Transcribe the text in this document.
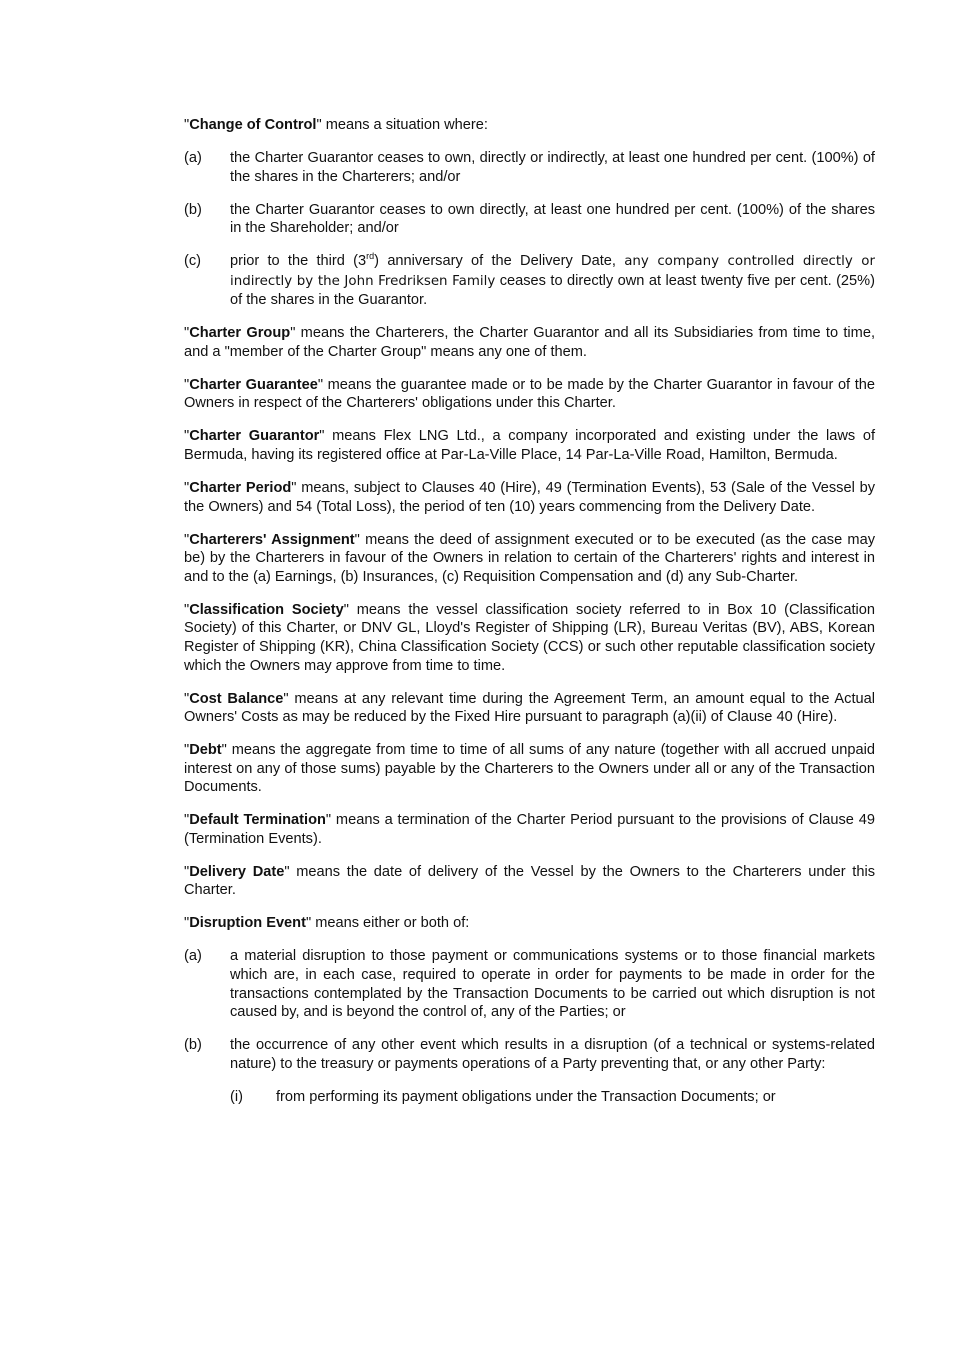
"Change of Control" means a situation where:

(a) the Charter Guarantor ceases to own, directly or indirectly, at least one hundred per cent. (100%) of the shares in the Charterers; and/or
(b) the Charter Guarantor ceases to own directly, at least one hundred per cent. (100%) of the shares in the Shareholder; and/or
(c) prior to the third (3rd) anniversary of the Delivery Date, any company controlled directly or indirectly by the John Fredriksen Family ceases to directly own at least twenty five per cent. (25%) of the shares in the Guarantor.

"Charter Group" means the Charterers, the Charter Guarantor and all its Subsidiaries from time to time, and a "member of the Charter Group" means any one of them.

"Charter Guarantee" means the guarantee made or to be made by the Charter Guarantor in favour of the Owners in respect of the Charterers' obligations under this Charter.

"Charter Guarantor" means Flex LNG Ltd., a company incorporated and existing under the laws of Bermuda, having its registered office at Par-La-Ville Place, 14 Par-La-Ville Road, Hamilton, Bermuda.

"Charter Period" means, subject to Clauses 40 (Hire), 49 (Termination Events), 53 (Sale of the Vessel by the Owners) and 54 (Total Loss), the period of ten (10) years commencing from the Delivery Date.

"Charterers' Assignment" means the deed of assignment executed or to be executed (as the case may be) by the Charterers in favour of the Owners in relation to certain of the Charterers' rights and interest in and to the (a) Earnings, (b) Insurances, (c) Requisition Compensation and (d) any Sub-Charter.

"Classification Society" means the vessel classification society referred to in Box 10 (Classification Society) of this Charter, or DNV GL, Lloyd's Register of Shipping (LR), Bureau Veritas (BV), ABS, Korean Register of Shipping (KR), China Classification Society (CCS) or such other reputable classification society which the Owners may approve from time to time.

"Cost Balance" means at any relevant time during the Agreement Term, an amount equal to the Actual Owners' Costs as may be reduced by the Fixed Hire pursuant to paragraph (a)(ii) of Clause 40 (Hire).

"Debt" means the aggregate from time to time of all sums of any nature (together with all accrued unpaid interest on any of those sums) payable by the Charterers to the Owners under all or any of the Transaction Documents.

"Default Termination" means a termination of the Charter Period pursuant to the provisions of Clause 49 (Termination Events).

"Delivery Date" means the date of delivery of the Vessel by the Owners to the Charterers under this Charter.

"Disruption Event" means either or both of:

(a) a material disruption to those payment or communications systems or to those financial markets which are, in each case, required to operate in order for payments to be made in order for the transactions contemplated by the Transaction Documents to be carried out which disruption is not caused by, and is beyond the control of, any of the Parties; or
(b) the occurrence of any other event which results in a disruption (of a technical or systems-related nature) to the treasury or payments operations of a Party preventing that, or any other Party:
(i) from performing its payment obligations under the Transaction Documents; or
